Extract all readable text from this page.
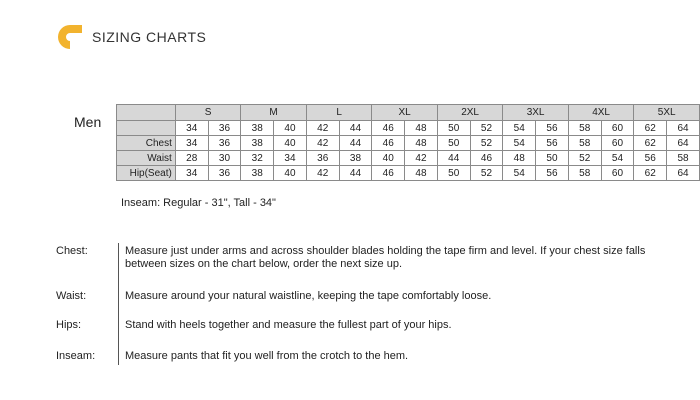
SIZING CHARTS
Men
	S		M		L		XL		2XL		3XL		4XL		5XL	
	34	36	38	40	42	44	46	48	50	52	54	56	58	60	62	64
Chest	34	36	38	40	42	44	46	48	50	52	54	56	58	60	62	64
Waist	28	30	32	34	36	38	40	42	44	46	48	50	52	54	56	58
Hip(Seat)	34	36	38	40	42	44	46	48	50	52	54	56	58	60	62	64
Inseam: Regular - 31", Tall - 34"
Chest:	Measure just under arms and across shoulder blades holding the tape firm and level. If your chest size falls between sizes on the chart below, order the next size up.
Waist:	Measure around your natural waistline, keeping the tape comfortably loose.
Hips:	Stand with heels together and measure the fullest part of your hips.
Inseam:	Measure pants that fit you well from the crotch to the hem.
